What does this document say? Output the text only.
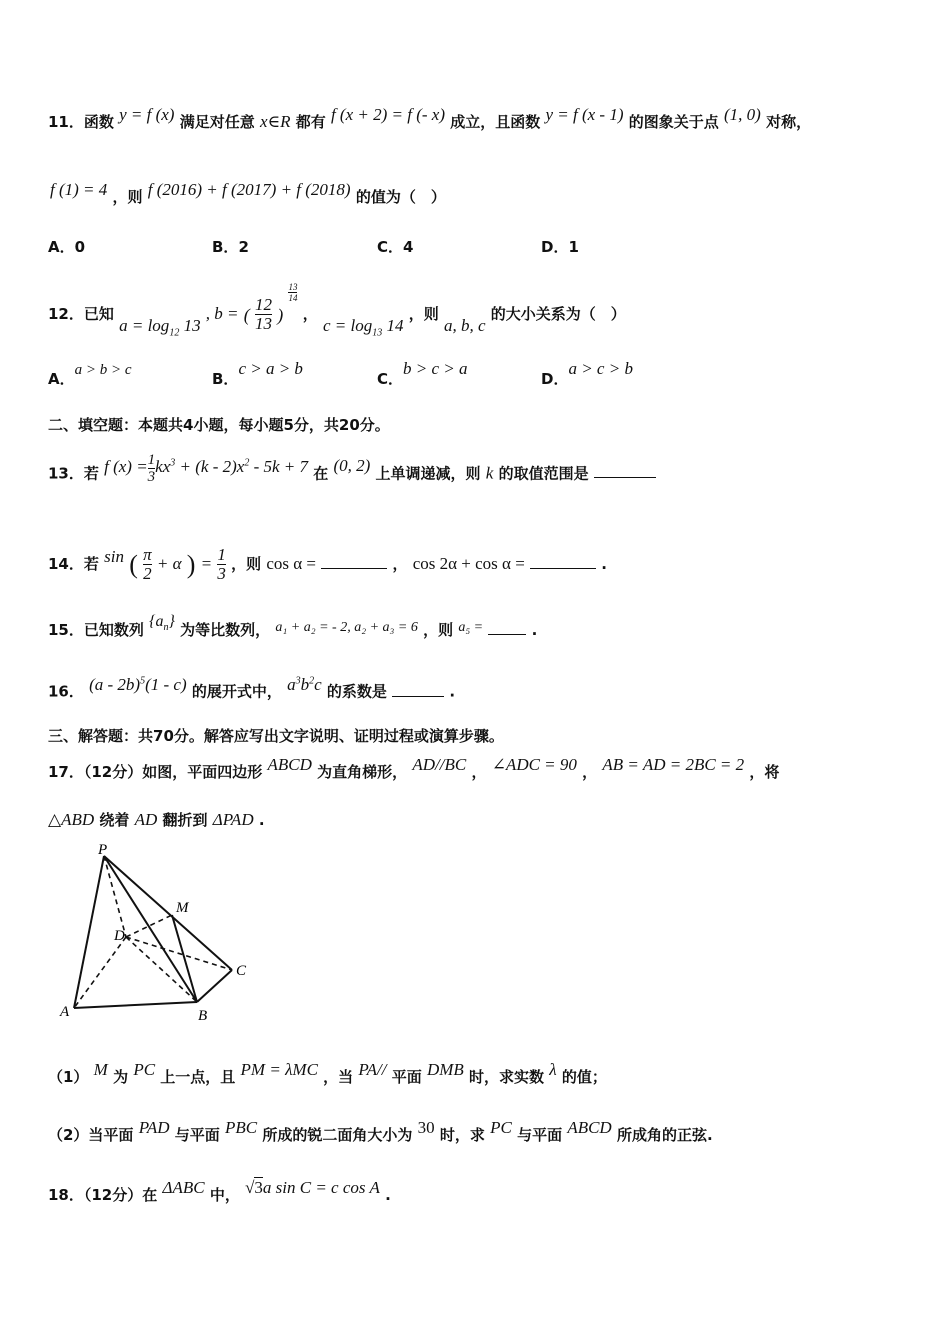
11．函数 y = f (x) 满足对任意 x∈R 都有 f (x + 2) = f (- x) 成立，且函数 y = f (x - 1) 的图象关于点 (1, 0) 对称，
f (1) = 4 ，则 f (2016) + f (2017) + f (2018) 的值为（　）
A．0	B．2	C．4	D．1
12．已知 $a = \log_{12} 13$ , b = ( $\frac{12}{13}$ )
$\frac{13}{14}$
， $c = \log_{13} 14$ ，则 a, b, c 的大小关系为（　）
A．a > b > c	B．c > a > b
C．b > c > a
D．a > c > b
二、填空题：本题共4小题，每小题5分，共20分。
13．若 f $(x) = \frac{1}{3} kx^3 + (k - 2)x^2 - 5k + 7$ 在 (0, 2) 上单调递减，则 k 的取值范围是
14．若 sin ( $\frac{\pi}{2} + \alpha$ ) = $\frac{1}{3}$ ，则 cos α =	， cos 2α + cos α =	.
15．已知数列 $\{a_n\}$ 为等比数列， a₁ + a₂ = - 2, a₂ + a₃ = 6 ，则 a₅ =	.
16． (a - 2b)$^5$(1 - c) 的展开式中， $a^3b^2c$ 的系数是	.
三、解答题：共70分。解答应写出文字说明、证明过程或演算步骤。
17．（12分）如图，平面四边形 ABCD 为直角梯形， AD//BC ， ∠ADC = 90 ， AB = AD = 2BC = 2 ，将
△ABD 绕着 AD 翻折到 ΔPAD .
P
M
D
C
A	B
（1） M 为 PC 上一点，且 PM = λMC ，当 PA// 平面 DMB 时，求实数 λ 的值；
（2）当平面 PAD 与平面 PBC 所成的锐二面角大小为 30 时，求 PC 与平面 ABCD 所成角的正弦.
18．（12分）在 ΔABC 中， √3a sin C = c cos A .
